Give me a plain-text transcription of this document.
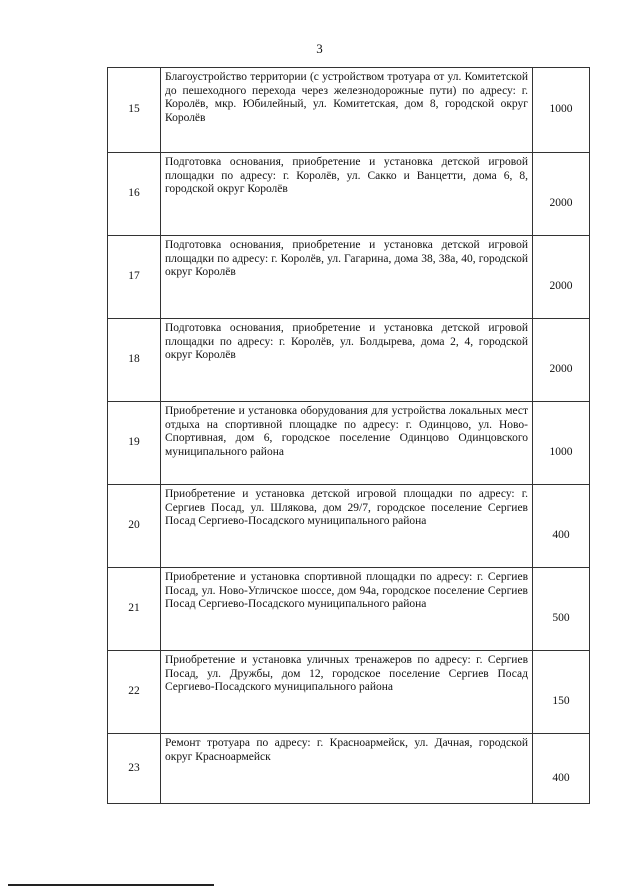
3
15	Благоустройство территории (с устройством тротуара от ул. Комитетской до пешеходного перехода через железнодорожные пути) по адресу: г. Королёв, мкр. Юбилейный, ул. Комитетская, дом 8, городской округ Королёв	1000
16	Подготовка основания, приобретение и установка детской игровой площадки по адресу: г. Королёв, ул. Сакко и Ванцетти, дома 6, 8, городской округ Королёв	2000
17	Подготовка основания, приобретение и установка детской игровой площадки по адресу: г. Королёв, ул. Гагарина, дома 38, 38а, 40, городской округ Королёв	2000
18	Подготовка основания, приобретение и установка детской игровой площадки по адресу: г. Королёв, ул. Болдырева, дома 2, 4, городской округ Королёв	2000
19	Приобретение и установка оборудования для устройства локальных мест отдыха на спортивной площадке по адресу: г. Одинцово, ул. Ново-Спортивная, дом 6, городское поселение Одинцово Одинцовского муниципального района	1000
20	Приобретение и установка детской игровой площадки по адресу: г. Сергиев Посад, ул. Шлякова, дом 29/7, городское поселение Сергиев Посад Сергиево-Посадского муниципального района	400
21	Приобретение и установка спортивной площадки по адресу: г. Сергиев Посад, ул. Ново-Угличское шоссе, дом 94а, городское поселение Сергиев Посад Сергиево-Посадского муниципального района	500
22	Приобретение и установка уличных тренажеров по адресу: г. Сергиев Посад, ул. Дружбы, дом 12, городское поселение Сергиев Посад Сергиево-Посадского муниципального района	150
23	Ремонт тротуара по адресу: г. Красноармейск, ул. Дачная, городской округ Красноармейск	400
